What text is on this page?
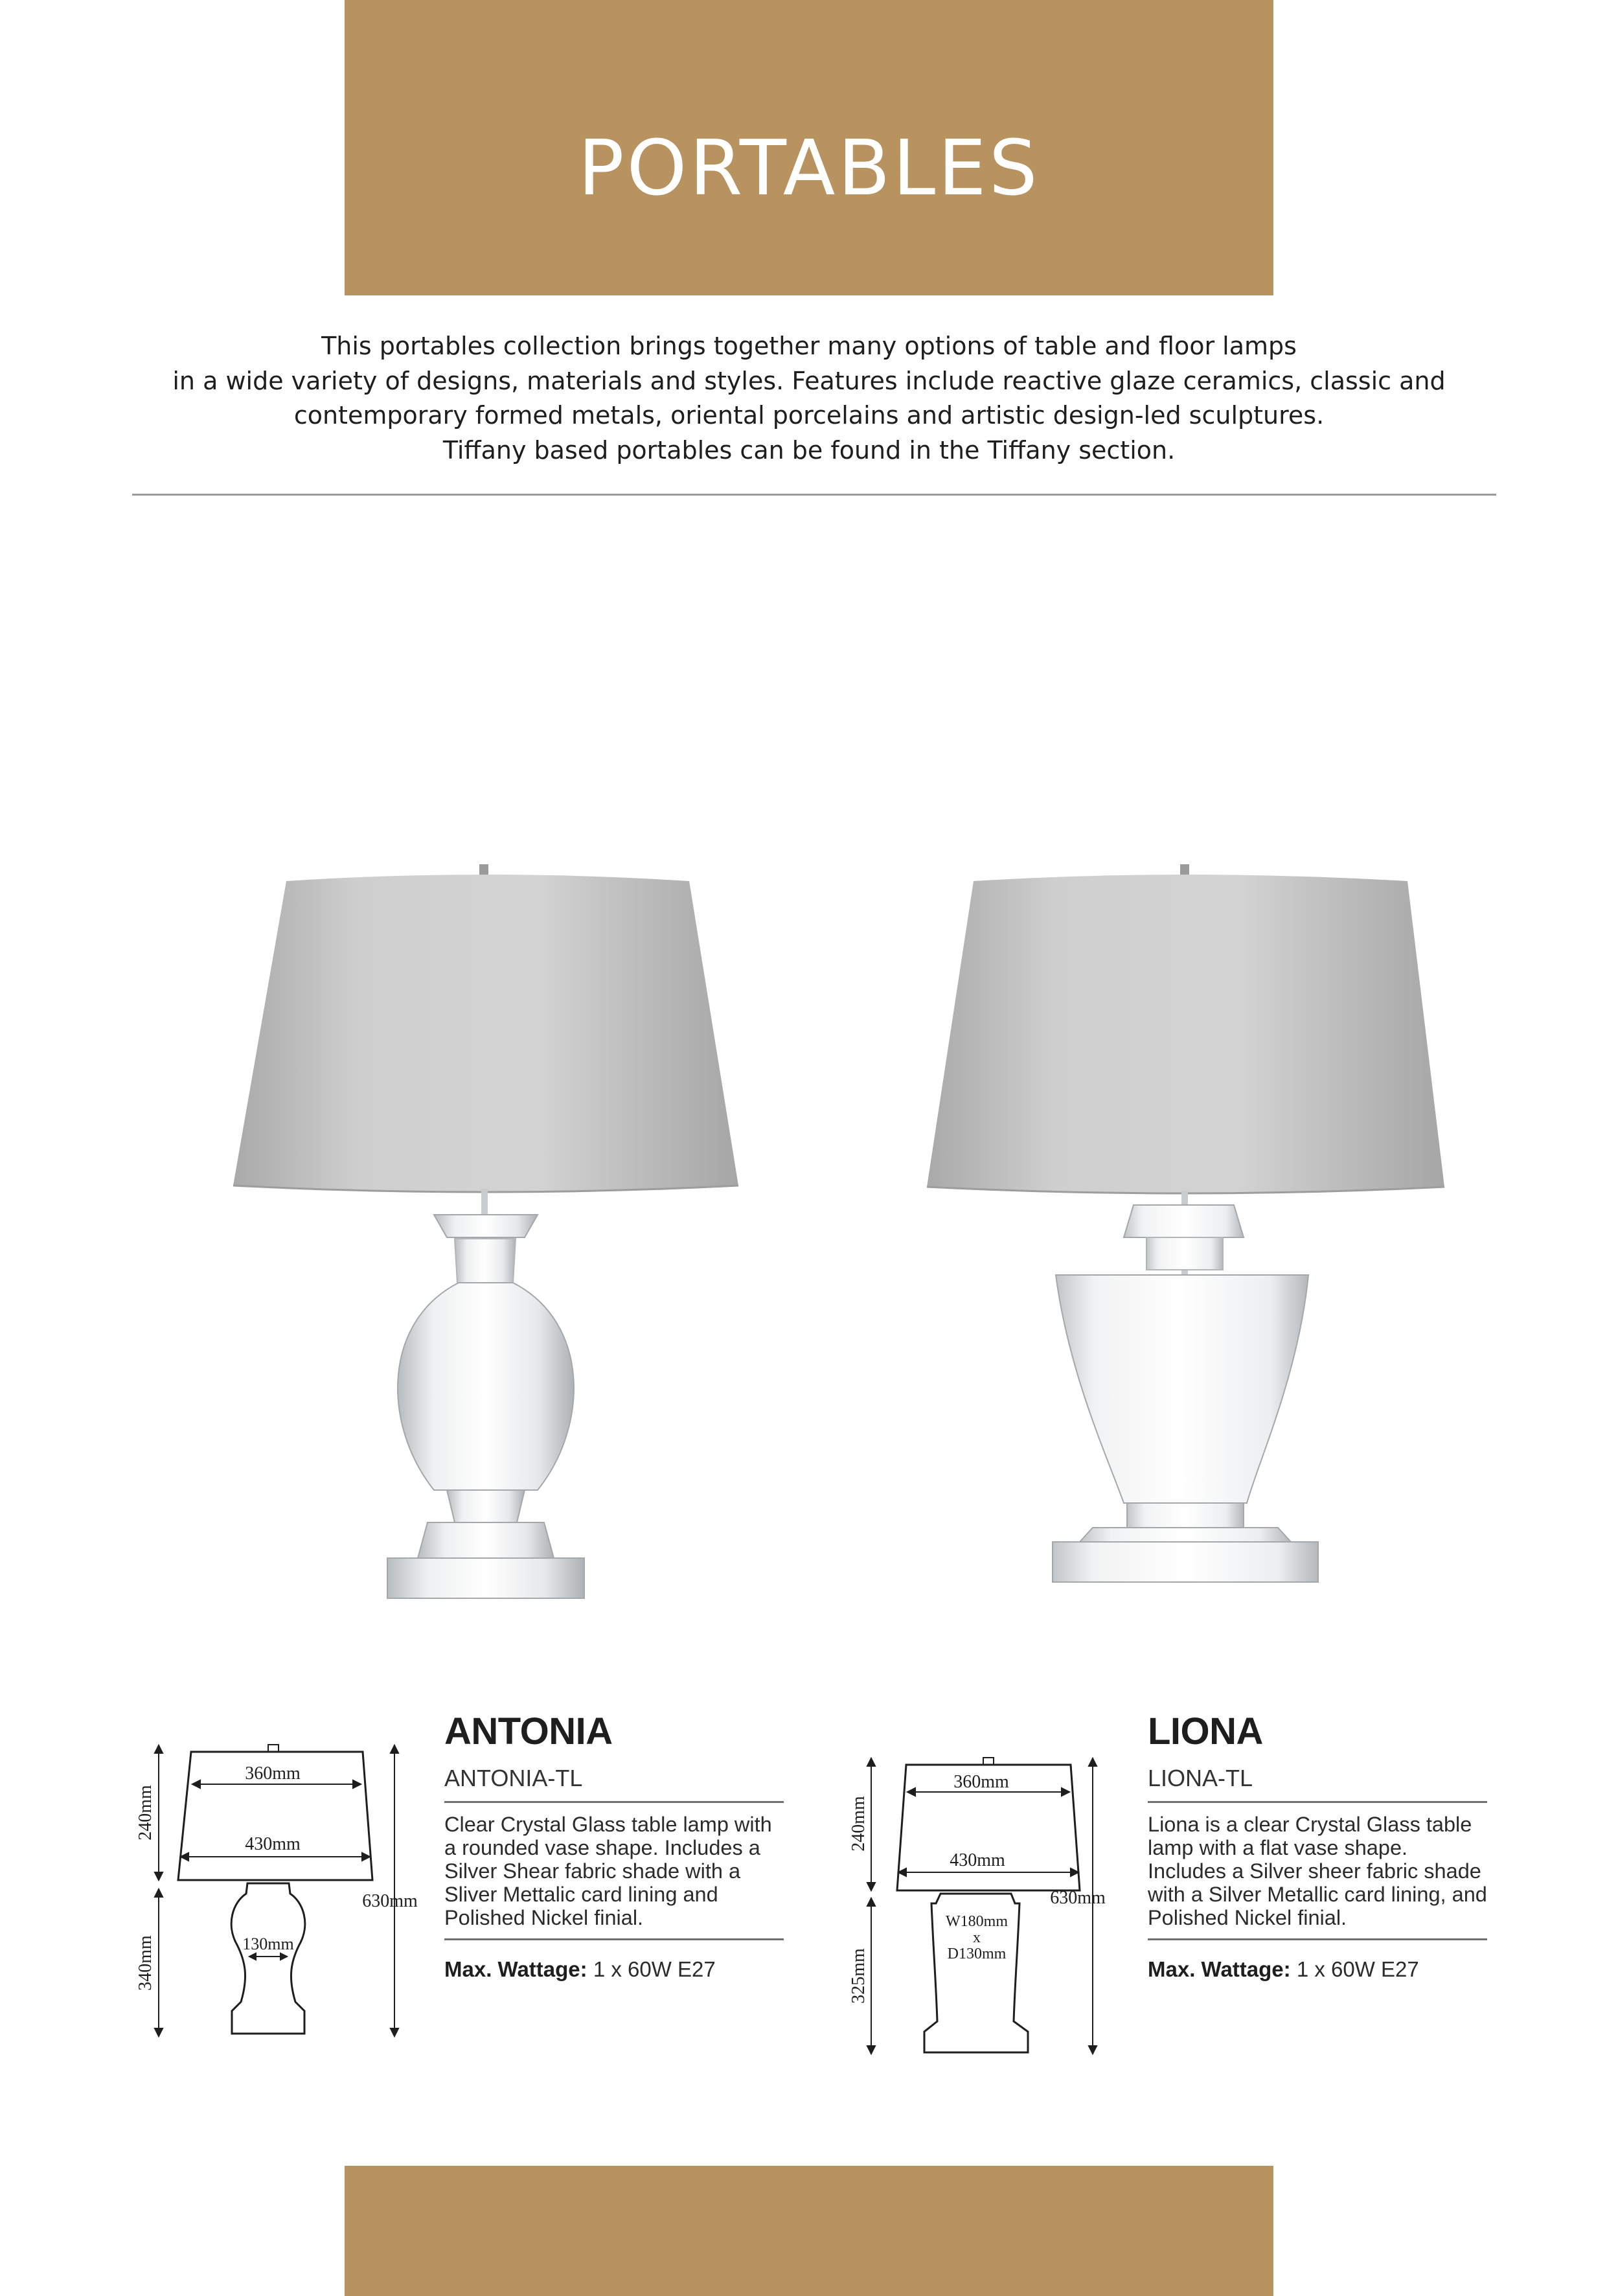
PORTABLES
This portables collection brings together many options of table and floor lamps
in a wide variety of designs, materials and styles. Features include reactive glaze ceramics, classic and
contemporary formed metals, oriental porcelains and artistic design-led sculptures.
Tiffany based portables can be found in the Tiffany section.
360mm
430mm
130mm
240mm
340mm
630mm
360mm
430mm
W180mm
x
D130mm
240mm
325mm
630mm
ANTONIA
ANTONIA-TL
Clear Crystal Glass table lamp with a rounded vase shape. Includes a Silver Shear fabric shade with a Sliver Mettalic card lining and Polished Nickel finial.
Max. Wattage: 1 x 60W E27
LIONA
LIONA-TL
Liona is a clear Crystal Glass table lamp with a flat vase shape. Includes a Silver sheer fabric shade with a Silver Metallic card lining, and Polished Nickel finial.
Max. Wattage: 1 x 60W E27
